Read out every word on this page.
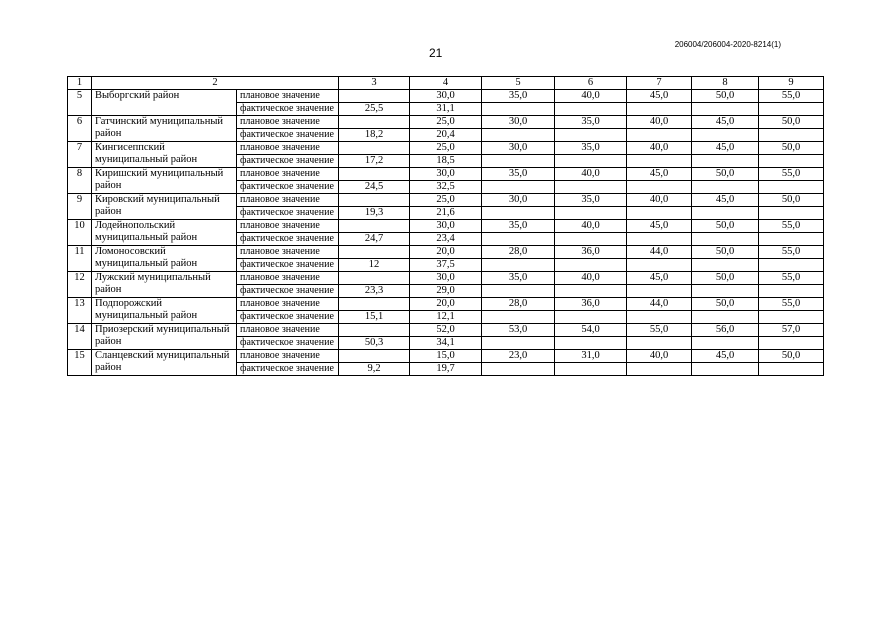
21
206004/206004-2020-8214(1)
1	2		3	4	5	6	7	8	9
5	Выборгский район	плановое значение		30,0	35,0	40,0	45,0	50,0	55,0
		фактическое значение	25,5	31,1					
6	Гатчинский муниципальный район	плановое значение		25,0	30,0	35,0	40,0	45,0	50,0
		фактическое значение	18,2	20,4					
7	Кингисеппский муниципальный район	плановое значение		25,0	30,0	35,0	40,0	45,0	50,0
		фактическое значение	17,2	18,5					
8	Киришский муниципальный район	плановое значение		30,0	35,0	40,0	45,0	50,0	55,0
		фактическое значение	24,5	32,5					
9	Кировский муниципальный район	плановое значение		25,0	30,0	35,0	40,0	45,0	50,0
		фактическое значение	19,3	21,6					
10	Лодейнопольский муниципальный район	плановое значение		30,0	35,0	40,0	45,0	50,0	55,0
		фактическое значение	24,7	23,4					
11	Ломоносовский муниципальный район	плановое значение		20,0	28,0	36,0	44,0	50,0	55,0
		фактическое значение	12	37,5					
12	Лужский муниципальный район	плановое значение		30,0	35,0	40,0	45,0	50,0	55,0
		фактическое значение	23,3	29,0					
13	Подпорожский муниципальный район	плановое значение		20,0	28,0	36,0	44,0	50,0	55,0
		фактическое значение	15,1	12,1					
14	Приозерский муниципальный район	плановое значение		52,0	53,0	54,0	55,0	56,0	57,0
		фактическое значение	50,3	34,1					
15	Сланцевский муниципальный район	плановое значение		15,0	23,0	31,0	40,0	45,0	50,0
		фактическое значение	9,2	19,7					
